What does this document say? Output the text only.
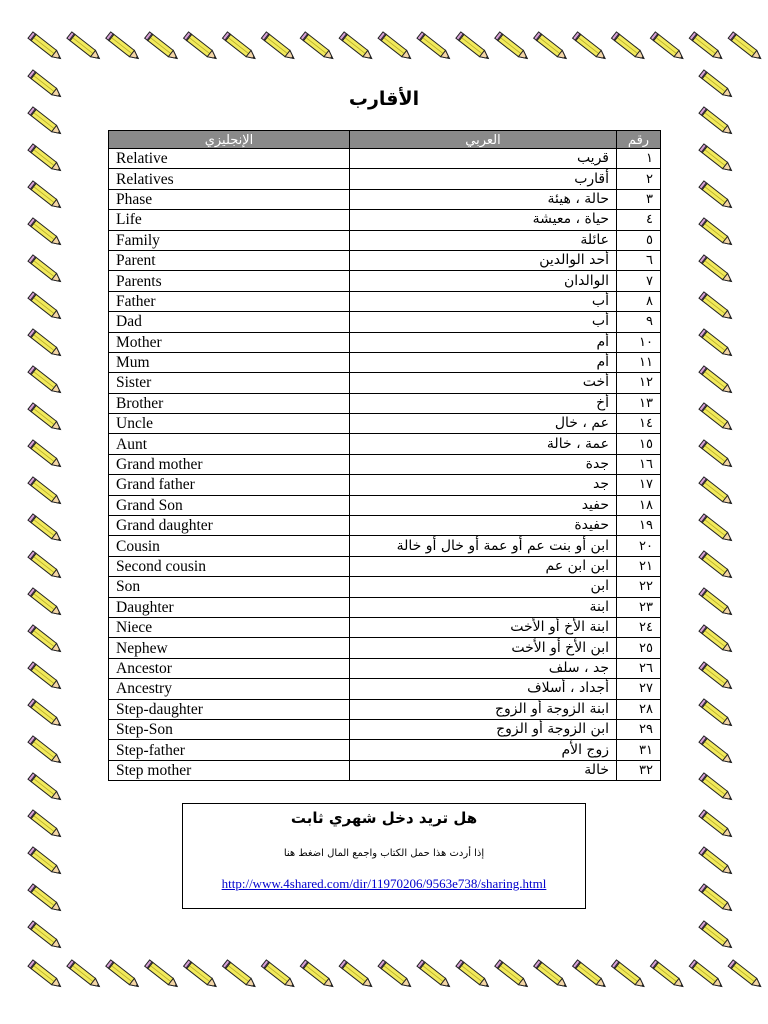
الأقارب
الإنجليزي	العربي	رقم
Relative	قريب	١
Relatives	أقارب	٢
Phase	حالة ، هيئة	٣
Life	حياة ، معيشة	٤
Family	عائلة	٥
Parent	أحد الوالدين	٦
Parents	الوالدان	٧
Father	أب	٨
Dad	أب	٩
Mother	أم	١٠
Mum	أم	١١
Sister	أخت	١٢
Brother	أخ	١٣
Uncle	عم ، خال	١٤
Aunt	عمة ، خالة	١٥
Grand mother	جدة	١٦
Grand father	جد	١٧
Grand Son	حفيد	١٨
Grand daughter	حفيدة	١٩
Cousin	ابن أو بنت عم أو عمة أو خال أو خالة	٢٠
Second cousin	ابن ابن عم	٢١
Son	ابن	٢٢
Daughter	ابنة	٢٣
Niece	ابنة الأخ أو الأخت	٢٤
Nephew	ابن الأخ أو الأخت	٢٥
Ancestor	جد ، سلف	٢٦
Ancestry	أجداد ، أسلاف	٢٧
Step-daughter	ابنة الزوجة أو الزوج	٢٨
Step-Son	ابن الزوجة أو الزوج	٢٩
Step-father	زوج الأم	٣١
Step mother	خالة	٣٢
هل تريد دخل شهري ثابت
إذا أردت هذا حمل الكتاب واجمع المال اضغط هنا
http://www.4shared.com/dir/11970206/9563e738/sharing.html
